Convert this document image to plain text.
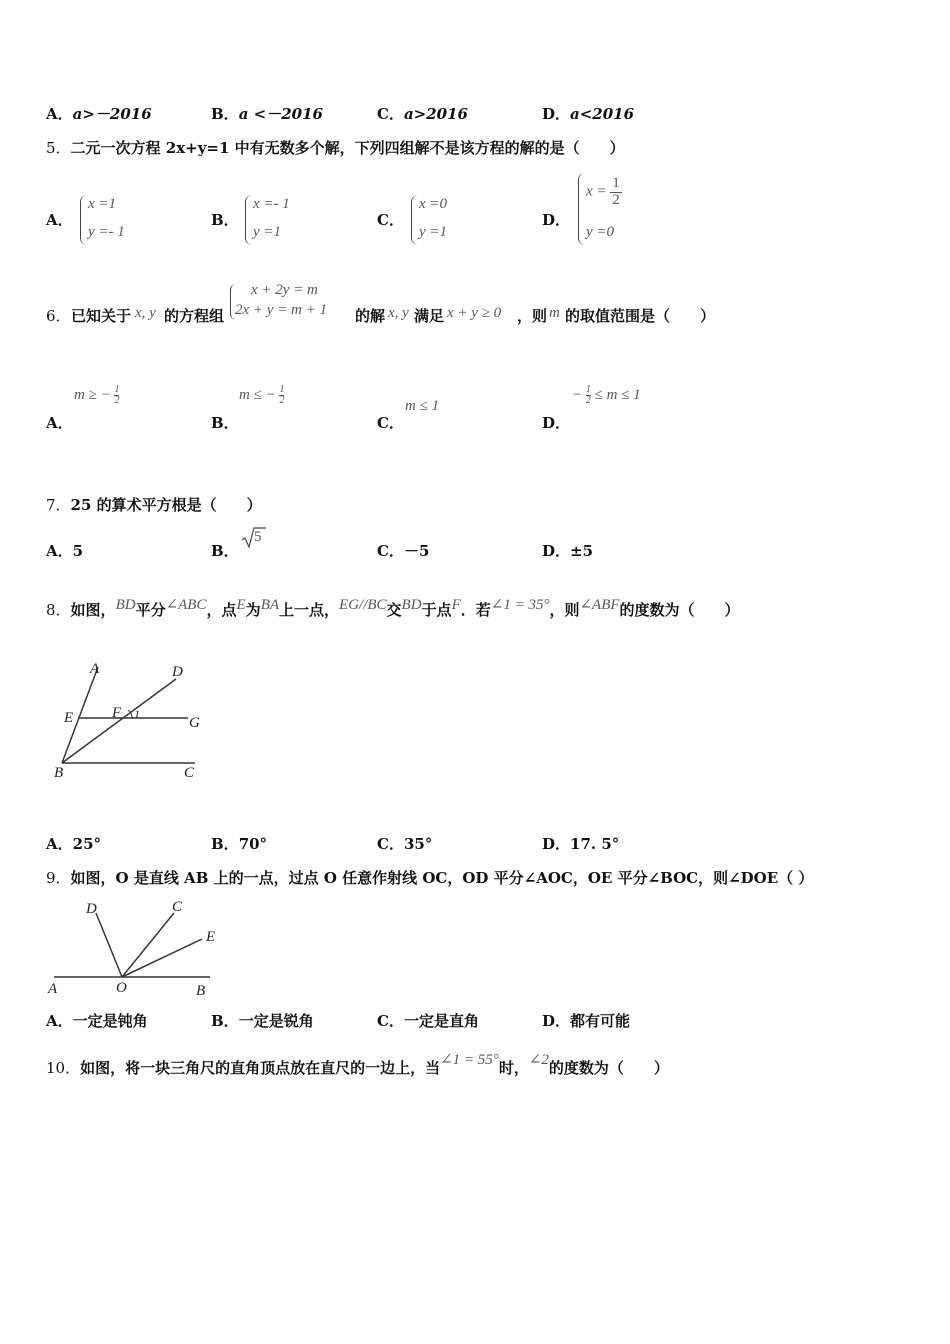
A．a>－2016	B．a <－2016	C．a>2016	D．a<2016
5．二元一次方程 2x+y=1 中有无数多个解，下列四组解不是该方程的解的是（　　）
A．
x =1
y =- 1
B．
x =- 1
y =1
C．
x =0
y =1
D．
$x = \frac{1}{2}$
y =0
6． 已知关于 x, y 的方程组
x + 2y = m
2x + y = m + 1 的解 x, y 满足 x + y ≥ 0 ，则 m 的取值范围是（　　）
A．
m ≥ − $\frac{1}{2}$
B．
m ≤ − $\frac{1}{2}$
C．
m ≤ 1
D．
− $\frac{1}{2} \le m \le 1$
7．25 的算术平方根是（　　）
A．5	B．
5
C．－5	D．±5
8．如图，BD平分∠ABC，点E为BA上一点，EG//BC交BD于点F．若∠1 = 35°，则∠ABF的度数为（　　）
A	D
E	F 1
G
B	C
A．25°	B．70°	C．35°	D．17. 5°
9．如图，O 是直线 AB 上的一点，过点 O 任意作射线 OC，OD 平分∠AOC，OE 平分∠BOC，则∠DOE（ ）
D	C
E
A	O	B
A．一定是钝角	B．一定是锐角	C．一定是直角	D．都有可能
10．如图，将一块三角尺的直角顶点放在直尺的一边上，当∠1 = 55°时，∠2的度数为（　　）
